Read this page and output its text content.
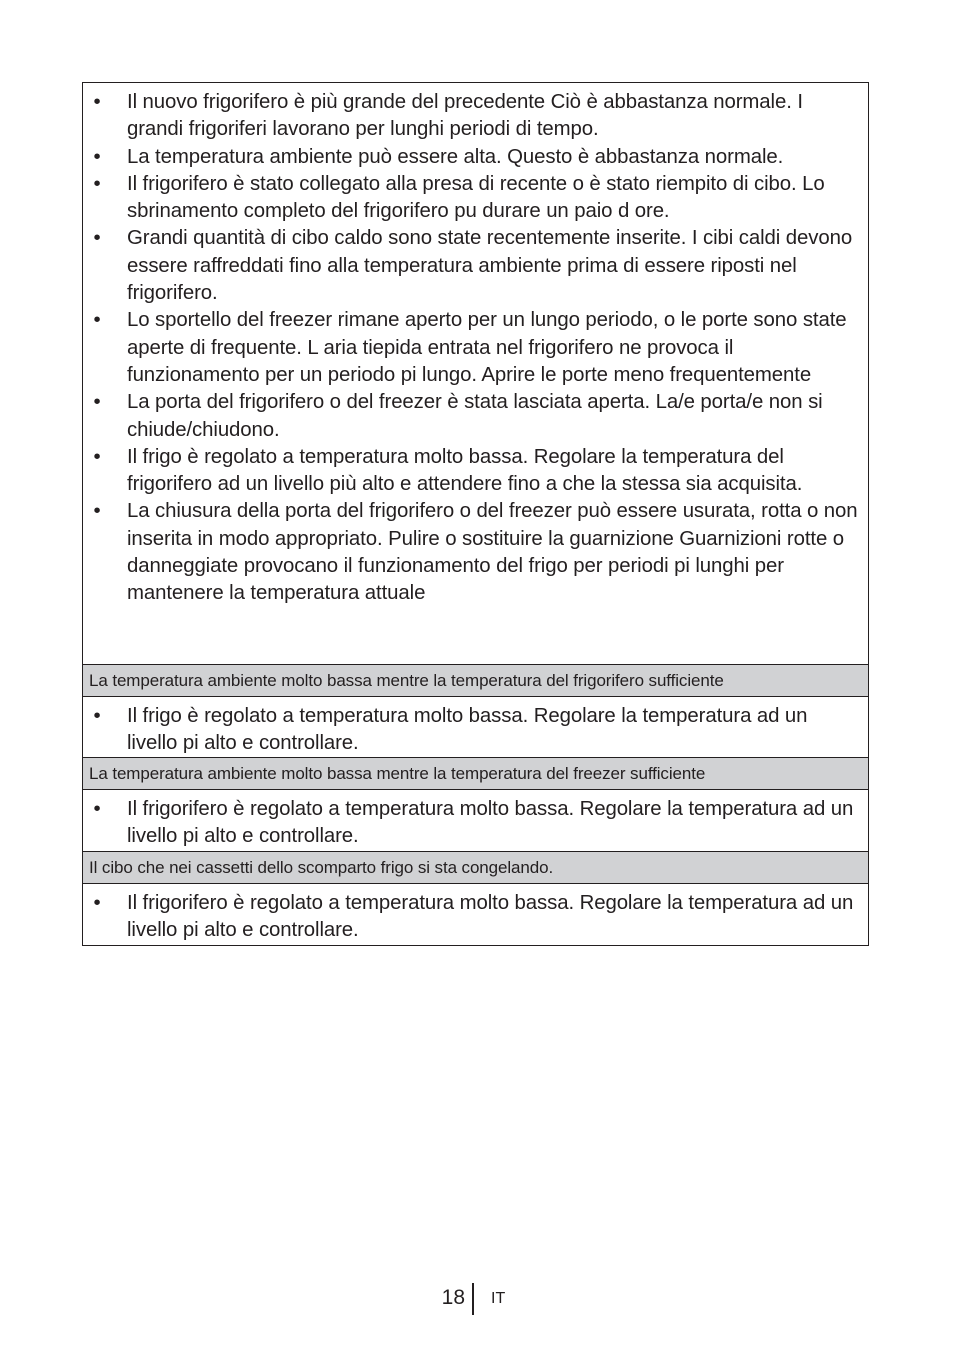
• Il nuovo frigorifero è più grande del precedente Ciò è abbastanza normale. I grandi frigoriferi lavorano per lunghi periodi di tempo.
• La temperatura ambiente può essere alta. Questo è abbastanza normale.
• Il frigorifero è stato collegato alla presa di recente o è stato riempito di cibo. Lo sbrinamento completo del frigorifero pu durare un paio d ore.
• Grandi quantità di cibo caldo sono state recentemente inserite. I cibi caldi devono essere raffreddati fino alla temperatura ambiente prima di essere riposti nel frigorifero.
• Lo sportello del freezer rimane aperto per un lungo periodo, o le porte sono state aperte di frequente. L aria tiepida entrata nel frigorifero ne provoca il funzionamento per un periodo pi lungo. Aprire le porte meno frequentemente
• La porta del frigorifero o del freezer è stata lasciata aperta. La/e porta/e non si chiude/chiudono.
• Il frigo è regolato a temperatura molto bassa. Regolare la temperatura del frigorifero ad un livello più alto e attendere fino a che la stessa sia acquisita.
• La chiusura della porta del frigorifero o del freezer può essere usurata, rotta o non inserita in modo appropriato. Pulire o sostituire la guarnizione Guarnizioni rotte o danneggiate provocano il funzionamento del frigo per periodi pi lunghi per mantenere la temperatura attuale
La temperatura ambiente molto bassa mentre la temperatura del frigorifero sufficiente
• Il frigo è regolato a temperatura molto bassa. Regolare la temperatura ad un livello pi alto e controllare.
La temperatura ambiente molto bassa mentre la temperatura del freezer sufficiente
• Il frigorifero è regolato a temperatura molto bassa. Regolare la temperatura ad un livello pi alto e controllare.
Il cibo che nei cassetti dello scomparto frigo si sta congelando.
• Il frigorifero è regolato a temperatura molto bassa. Regolare la temperatura ad un livello pi alto e controllare.
18 IT
